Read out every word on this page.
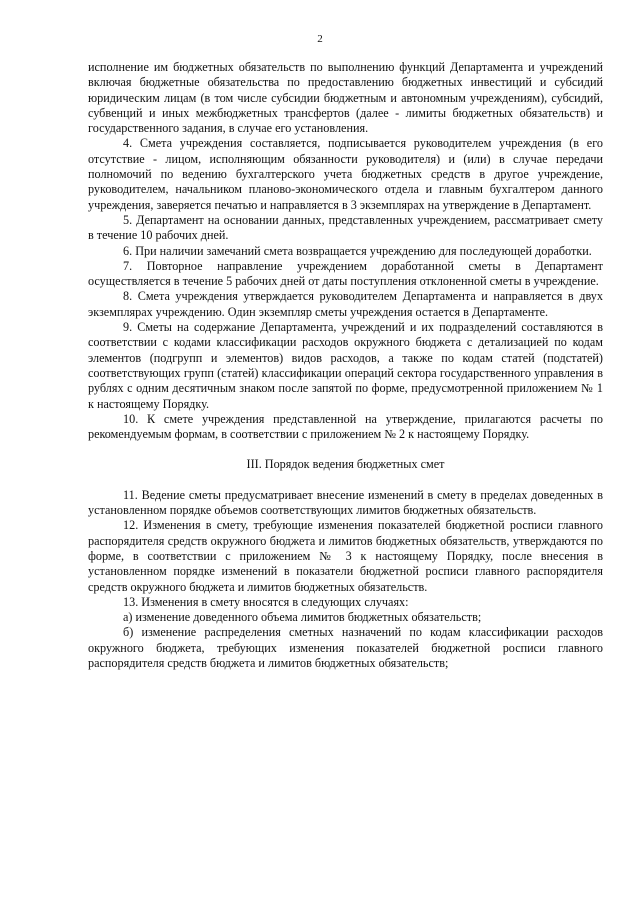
2

исполнение им бюджетных обязательств по выполнению функций Департамента и учреждений включая бюджетные обязательства по предоставлению бюджетных инвестиций и субсидий юридическим лицам (в том числе субсидии бюджетным и автономным учреждениям), субсидий, субвенций и иных межбюджетных трансфертов (далее - лимиты бюджетных обязательств) и государственного задания, в случае его установления.

4. Смета учреждения составляется, подписывается руководителем учреждения (в его отсутствие - лицом, исполняющим обязанности руководителя) и (или) в случае передачи полномочий по ведению бухгалтерского учета бюджетных средств в другое учреждение, руководителем, начальником планово-экономического отдела и главным бухгалтером данного учреждения, заверяется печатью и направляется в 3 экземплярах на утверждение в Департамент.

5. Департамент на основании данных, представленных учреждением, рассматривает смету в течение 10 рабочих дней.

6. При наличии замечаний смета возвращается учреждению для последующей доработки.

7. Повторное направление учреждением доработанной сметы в Департамент осуществляется в течение 5 рабочих дней от даты поступления отклоненной сметы в учреждение.

8. Смета учреждения утверждается руководителем Департамента и направляется в двух экземплярах учреждению. Один экземпляр сметы учреждения остается в Департаменте.

9. Сметы на содержание Департамента, учреждений и их подразделений составляются в соответствии с кодами классификации расходов окружного бюджета с детализацией по кодам элементов (подгрупп и элементов) видов расходов, а также по кодам статей (подстатей) соответствующих групп (статей) классификации операций сектора государственного управления в рублях с одним десятичным знаком после запятой по форме, предусмотренной приложением № 1 к настоящему Порядку.

10. К смете учреждения представленной на утверждение, прилагаются расчеты по рекомендуемым формам, в соответствии с приложением № 2 к настоящему Порядку.

III. Порядок ведения бюджетных смет

11. Ведение сметы предусматривает внесение изменений в смету в пределах доведенных в установленном порядке объемов соответствующих лимитов бюджетных обязательств.

12. Изменения в смету, требующие изменения показателей бюджетной росписи главного распорядителя средств окружного бюджета и лимитов бюджетных обязательств, утверждаются по форме, в соответствии с приложением № 3 к настоящему Порядку, после внесения в установленном порядке изменений в показатели бюджетной росписи главного распорядителя средств окружного бюджета и лимитов бюджетных обязательств.

13. Изменения в смету вносятся в следующих случаях:

а) изменение доведенного объема лимитов бюджетных обязательств;

б) изменение распределения сметных назначений по кодам классификации расходов окружного бюджета, требующих изменения показателей бюджетной росписи главного распорядителя средств бюджета и лимитов бюджетных обязательств;
